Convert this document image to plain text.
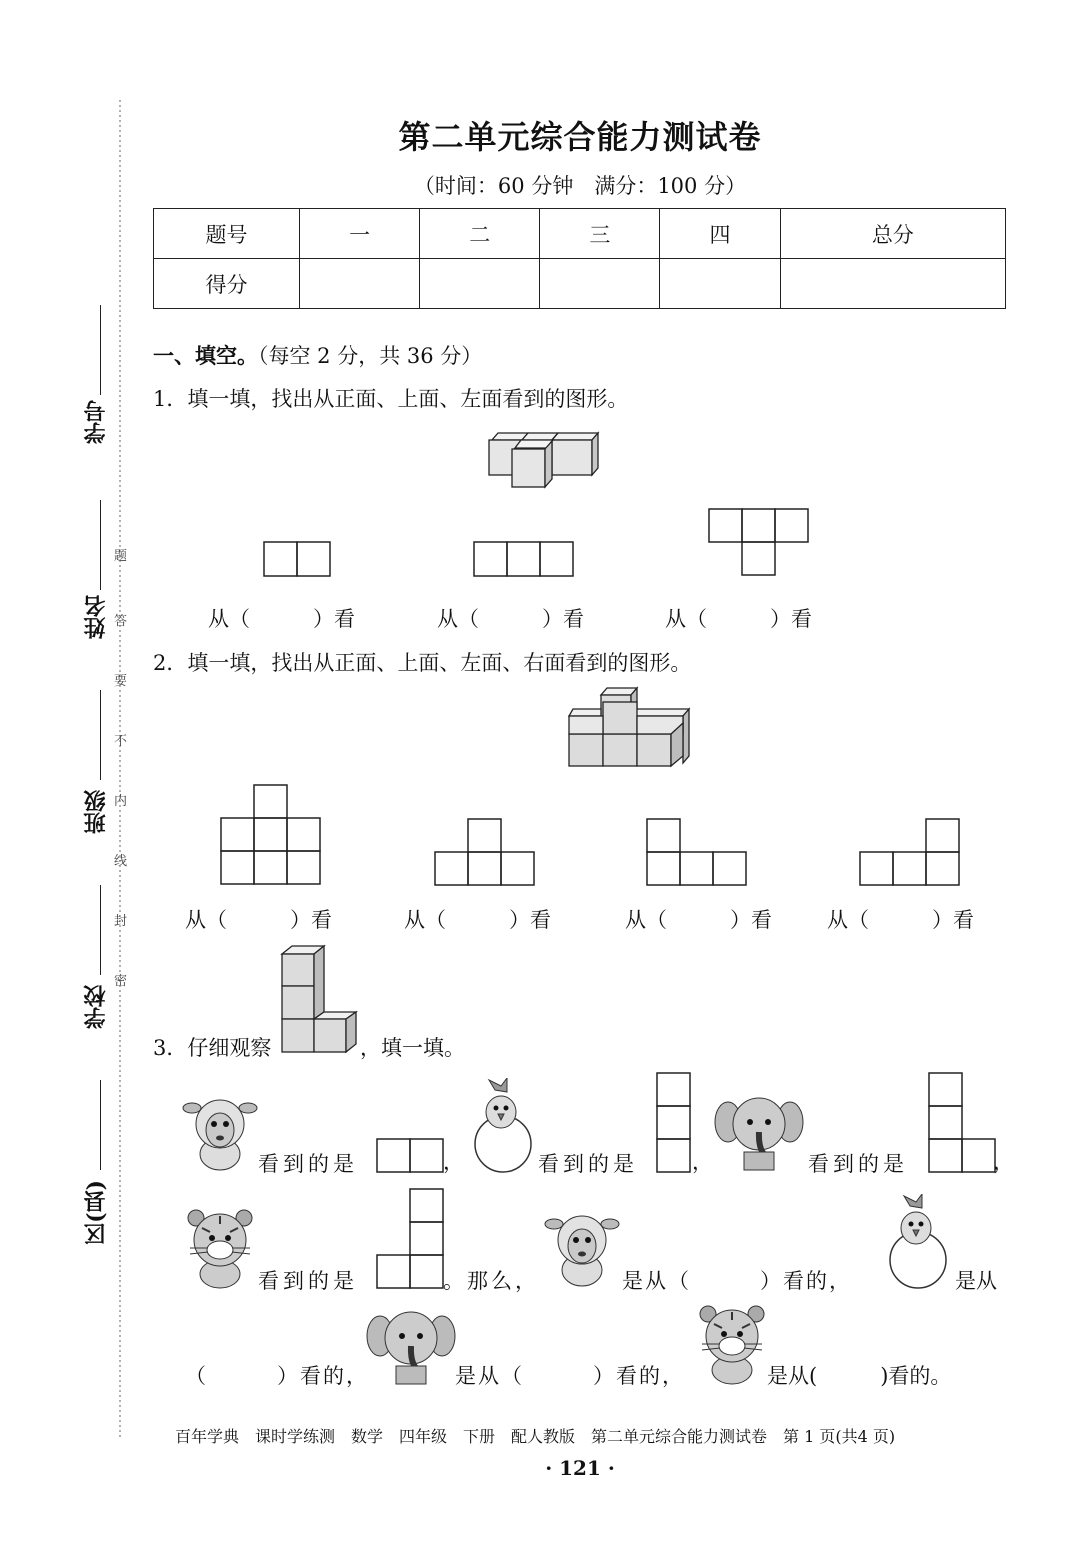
学号
姓名
班级
学校
区(县)
题
答
要
不
内
线
封
密
第二单元综合能力测试卷
（时间：60 分钟　满分：100 分）
题号	一	二	三	四	总分
得分					
一、填空。（每空 2 分，共 36 分）
1．填一填，找出从正面、上面、左面看到的图形。
从（　　　）看	从（　　　）看	从（　　　）看
2．填一填，找出从正面、上面、左面、右面看到的图形。
从（　　　）看	从（　　　）看	从（　　　）看	从（　　　）看
3．仔细观察	，填一填。
看到的是	，	看到的是	，	看到的是	，
看到的是	。那么，	是从（　　　）看的，	是从
（　　　）看的，	是从（　　　）看的，	是从(　　　)看的。
百年学典　课时学练测　数学　四年级　下册　配人教版　第二单元综合能力测试卷　第 1 页(共4 页)
· 121 ·
